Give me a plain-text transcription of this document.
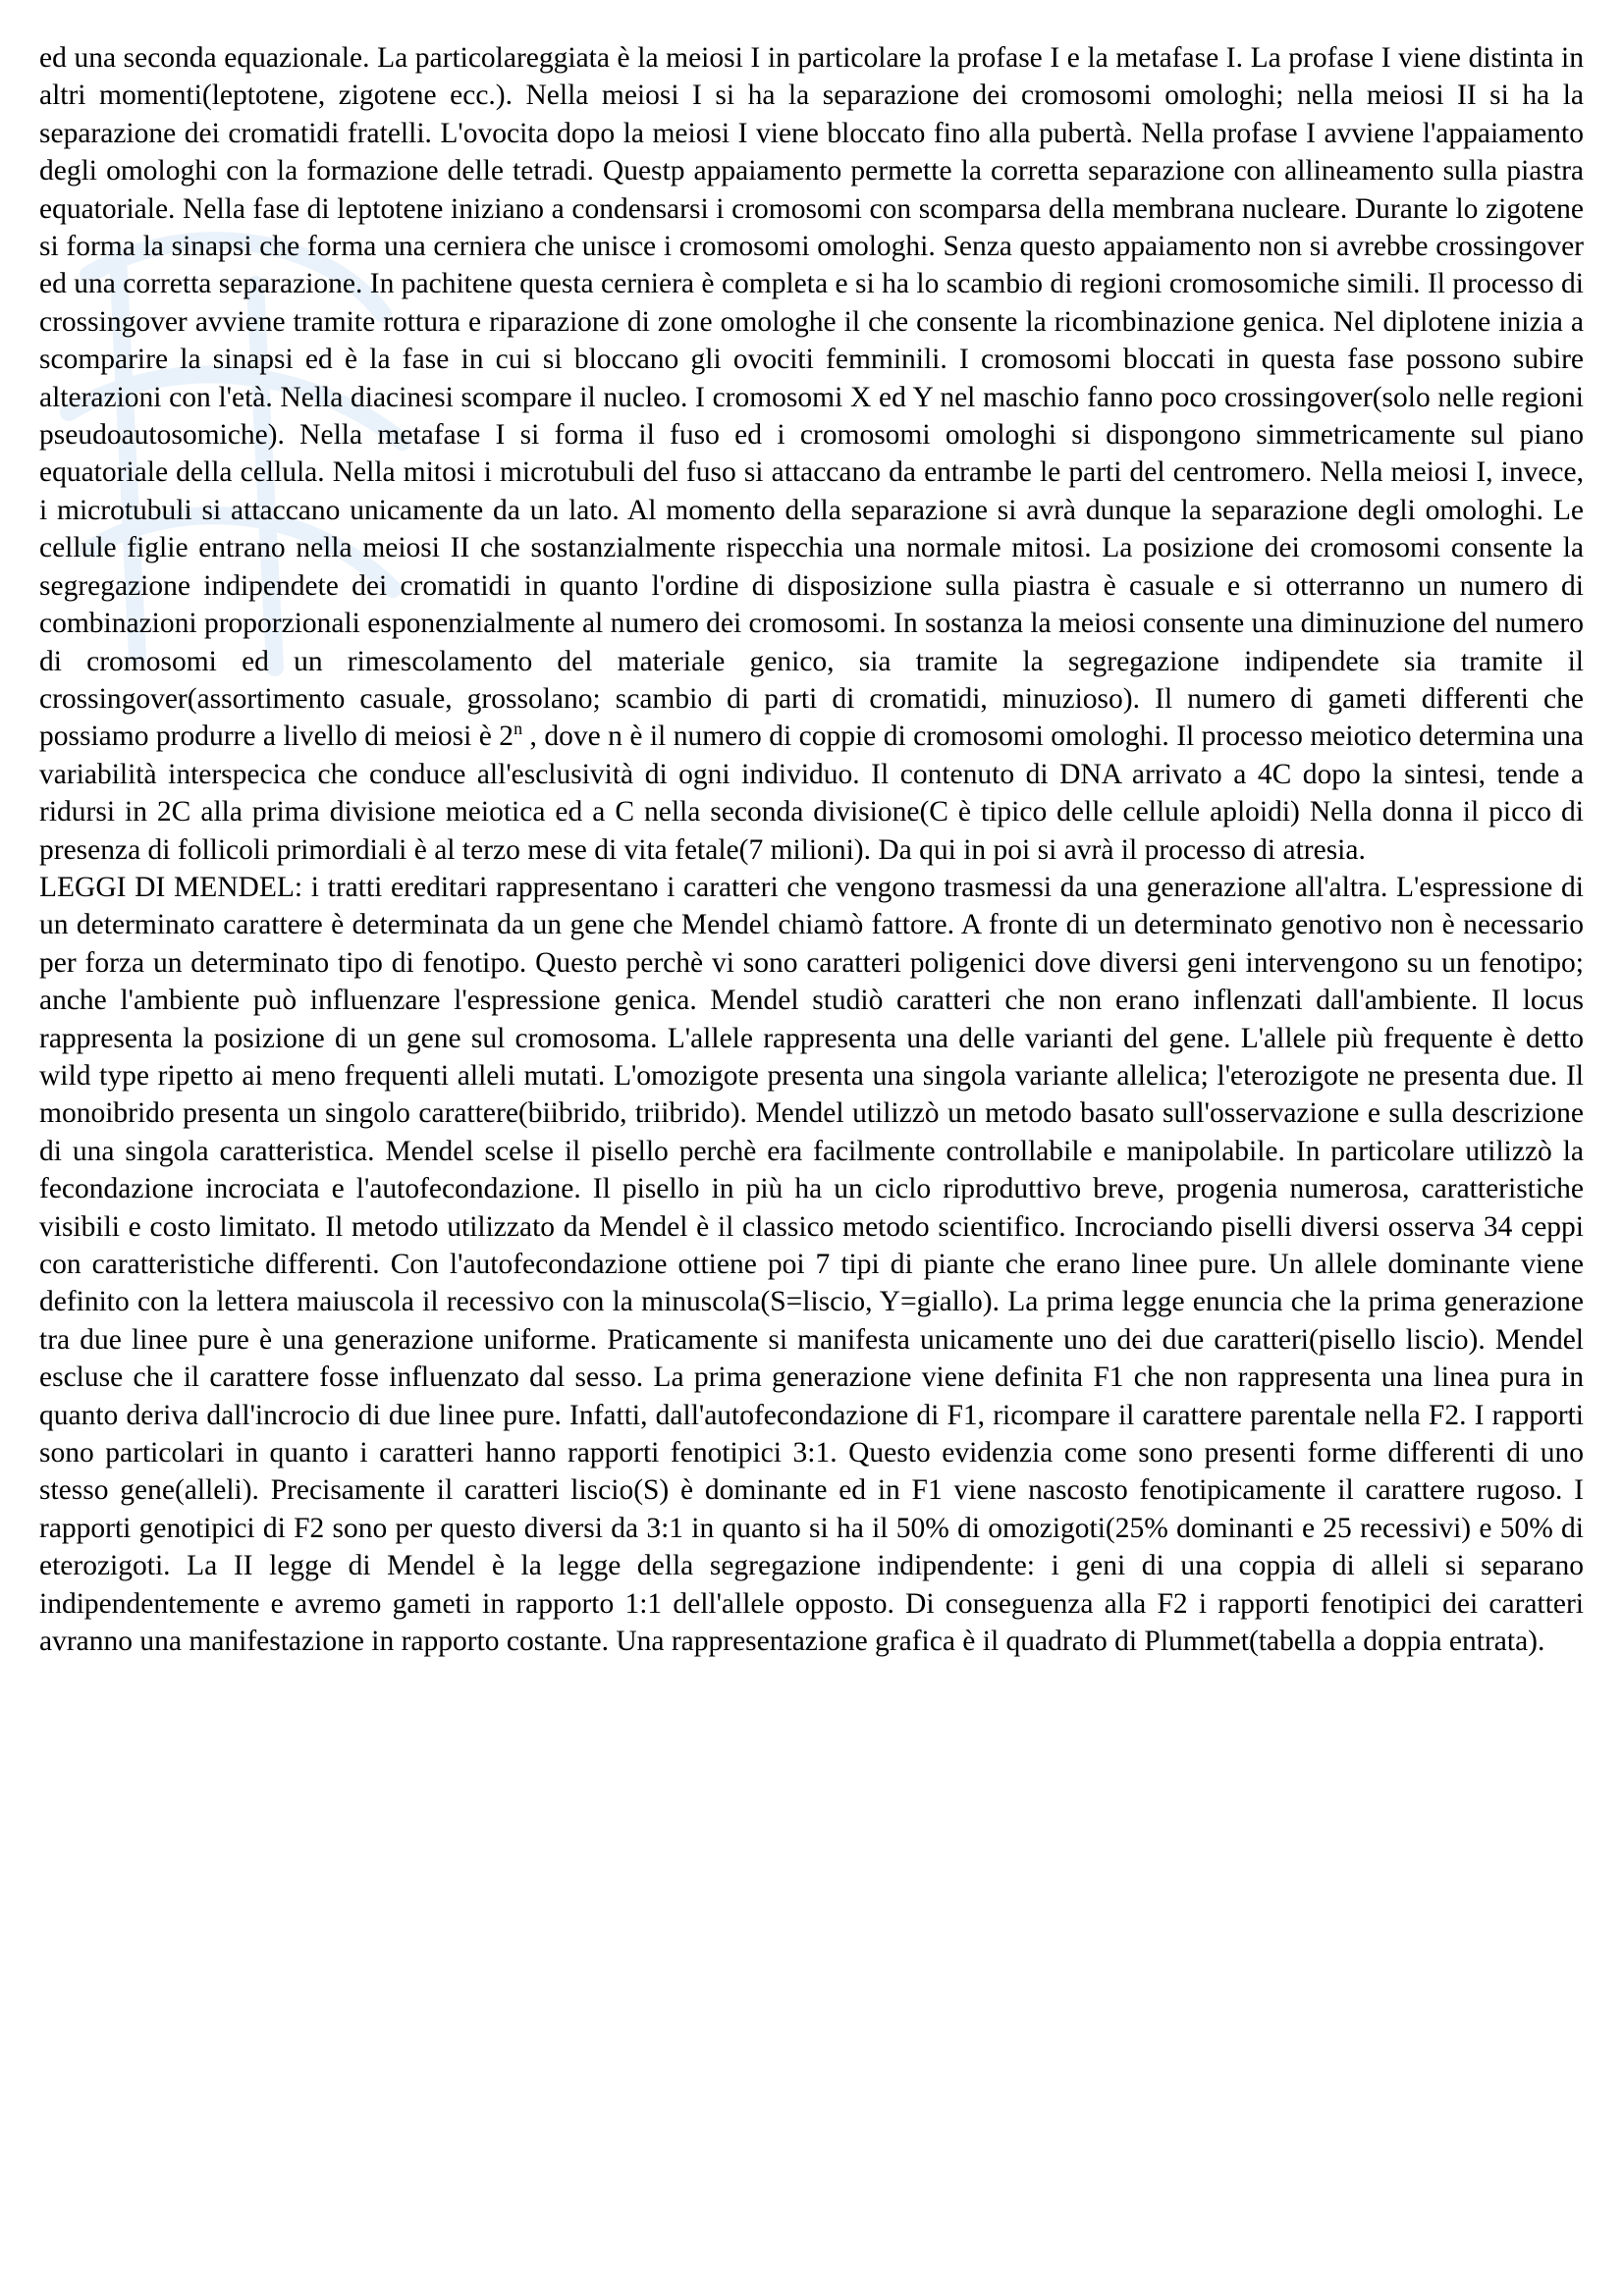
ed una seconda equazionale. La particolareggiata è la meiosi I in particolare la profase I e la metafase I. La profase I viene distinta in altri momenti(leptotene, zigotene ecc.). Nella meiosi I si ha la separazione dei cromosomi omologhi; nella meiosi II si ha la separazione dei cromatidi fratelli. L'ovocita dopo la meiosi I viene bloccato fino alla pubertà. Nella profase I avviene l'appaiamento degli omologhi con la formazione delle tetradi. Questp appaiamento permette la corretta separazione con allineamento sulla piastra equatoriale. Nella fase di leptotene iniziano a condensarsi i cromosomi con scomparsa della membrana nucleare. Durante lo zigotene si forma la sinapsi che forma una cerniera che unisce i cromosomi omologhi. Senza questo appaiamento non si avrebbe crossingover ed una corretta separazione. In pachitene questa cerniera è completa e si ha lo scambio di regioni cromosomiche simili. Il processo di crossingover avviene tramite rottura e riparazione di zone omologhe il che consente la ricombinazione genica. Nel diplotene inizia a scomparire la sinapsi ed è la fase in cui si bloccano gli ovociti femminili. I cromosomi bloccati in questa fase possono subire alterazioni con l'età. Nella diacinesi scompare il nucleo. I cromosomi X ed Y nel maschio fanno poco crossingover(solo nelle regioni pseudoautosomiche). Nella metafase I si forma il fuso ed i cromosomi omologhi si dispongono simmetricamente sul piano equatoriale della cellula. Nella mitosi i microtubuli del fuso si attaccano da entrambe le parti del centromero. Nella meiosi I, invece, i microtubuli si attaccano unicamente da un lato. Al momento della separazione si avrà dunque la separazione degli omologhi. Le cellule figlie entrano nella meiosi II che sostanzialmente rispecchia una normale mitosi. La posizione dei cromosomi consente la segregazione indipendete dei cromatidi in quanto l'ordine di disposizione sulla piastra è casuale e si otterranno un numero di combinazioni proporzionali esponenzialmente al numero dei cromosomi. In sostanza la meiosi consente una diminuzione del numero di cromosomi ed un rimescolamento del materiale genico, sia tramite la segregazione indipendete sia tramite il crossingover(assortimento casuale, grossolano; scambio di parti di cromatidi, minuzioso). Il numero di gameti differenti che possiamo produrre a livello di meiosi è 2$^n$ , dove n è il numero di coppie di cromosomi omologhi. Il processo meiotico determina una variabilità interspecica che conduce all'esclusività di ogni individuo. Il contenuto di DNA arrivato a 4C dopo la sintesi, tende a ridursi in 2C alla prima divisione meiotica ed a C nella seconda divisione(C è tipico delle cellule aploidi) Nella donna il picco di presenza di follicoli primordiali è al terzo mese di vita fetale(7 milioni). Da qui in poi si avrà il processo di atresia.

LEGGI DI MENDEL: i tratti ereditari rappresentano i caratteri che vengono trasmessi da una generazione all'altra. L'espressione di un determinato carattere è determinata da un gene che Mendel chiamò fattore. A fronte di un determinato genotivo non è necessario per forza un determinato tipo di fenotipo. Questo perchè vi sono caratteri poligenici dove diversi geni intervengono su un fenotipo; anche l'ambiente può influenzare l'espressione genica. Mendel studiò caratteri che non erano inflenzati dall'ambiente. Il locus rappresenta la posizione di un gene sul cromosoma. L'allele rappresenta una delle varianti del gene. L'allele più frequente è detto wild type ripetto ai meno frequenti alleli mutati. L'omozigote presenta una singola variante allelica; l'eterozigote ne presenta due. Il monoibrido presenta un singolo carattere(biibrido, triibrido). Mendel utilizzò un metodo basato sull'osservazione e sulla descrizione di una singola caratteristica. Mendel scelse il pisello perchè era facilmente controllabile e manipolabile. In particolare utilizzò la fecondazione incrociata e l'autofecondazione. Il pisello in più ha un ciclo riproduttivo breve, progenia numerosa, caratteristiche visibili e costo limitato. Il metodo utilizzato da Mendel è il classico metodo scientifico. Incrociando piselli diversi osserva 34 ceppi con caratteristiche differenti. Con l'autofecondazione ottiene poi 7 tipi di piante che erano linee pure. Un allele dominante viene definito con la lettera maiuscola il recessivo con la minuscola(S=liscio, Y=giallo). La prima legge enuncia che la prima generazione tra due linee pure è una generazione uniforme. Praticamente si manifesta unicamente uno dei due caratteri(pisello liscio). Mendel escluse che il carattere fosse influenzato dal sesso. La prima generazione viene definita F1 che non rappresenta una linea pura in quanto deriva dall'incrocio di due linee pure. Infatti, dall'autofecondazione di F1, ricompare il carattere parentale nella F2. I rapporti sono particolari in quanto i caratteri hanno rapporti fenotipici 3:1. Questo evidenzia come sono presenti forme differenti di uno stesso gene(alleli). Precisamente il caratteri liscio(S) è dominante ed in F1 viene nascosto fenotipicamente il carattere rugoso. I rapporti genotipici di F2 sono per questo diversi da 3:1 in quanto si ha il 50% di omozigoti(25% dominanti e 25 recessivi) e 50% di eterozigoti. La II legge di Mendel è la legge della segregazione indipendente: i geni di una coppia di alleli si separano indipendentemente e avremo gameti in rapporto 1:1 dell'allele opposto. Di conseguenza alla F2 i rapporti fenotipici dei caratteri avranno una manifestazione in rapporto costante. Una rappresentazione grafica è il quadrato di Plummet(tabella a doppia entrata).
